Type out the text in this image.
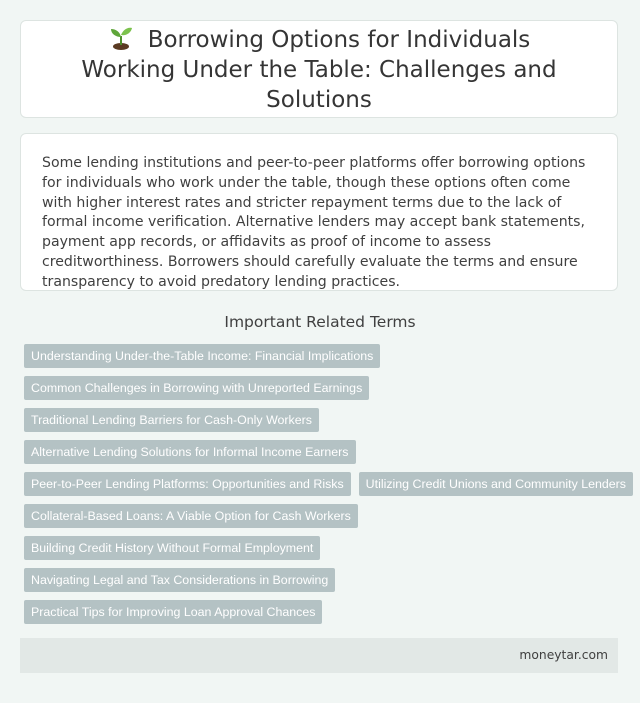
Borrowing Options for Individuals Working Under the Table: Challenges and Solutions

Some lending institutions and peer-to-peer platforms offer borrowing options for individuals who work under the table, though these options often come with higher interest rates and stricter repayment terms due to the lack of formal income verification. Alternative lenders may accept bank statements, payment app records, or affidavits as proof of income to assess creditworthiness. Borrowers should carefully evaluate the terms and ensure transparency to avoid predatory lending practices.

Important Related Terms
Understanding Under-the-Table Income: Financial Implications
Common Challenges in Borrowing with Unreported Earnings
Traditional Lending Barriers for Cash-Only Workers
Alternative Lending Solutions for Informal Income Earners
Peer-to-Peer Lending Platforms: Opportunities and Risks	Utilizing Credit Unions and Community Lenders
Collateral-Based Loans: A Viable Option for Cash Workers
Building Credit History Without Formal Employment
Navigating Legal and Tax Considerations in Borrowing
Practical Tips for Improving Loan Approval Chances
moneytar.com
